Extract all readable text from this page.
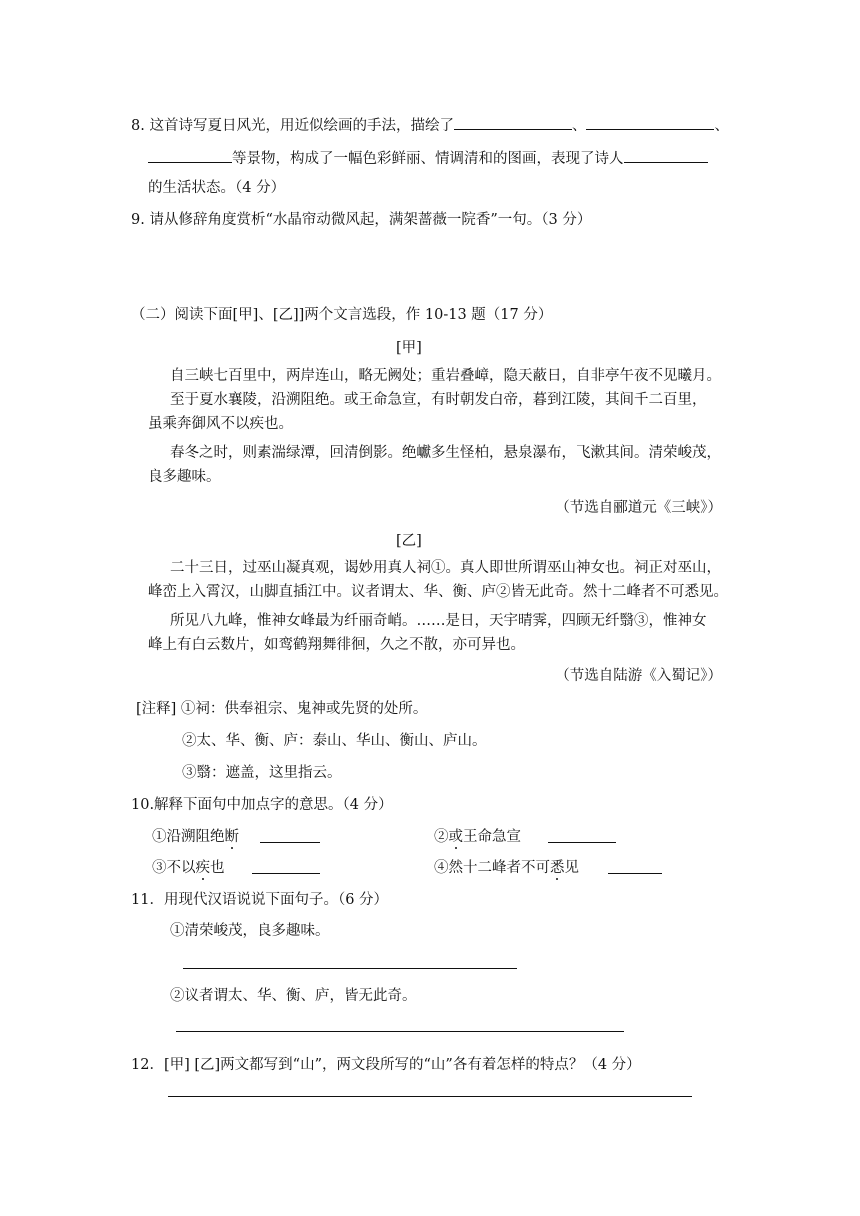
8. 这首诗写夏日风光，用近似绘画的手法，描绘了	、	、
等景物，构成了一幅色彩鲜丽、情调清和的图画，表现了诗人
的生活状态。（4 分）
9. 请从修辞角度赏析“水晶帘动微风起，满架蔷薇一院香”一句。（3 分）
（二）阅读下面[甲]、[乙]]两个文言选段，作 10-13 题（17 分）
[甲]
自三峡七百里中，两岸连山，略无阙处；重岩叠嶂，隐天蔽日，自非亭午夜不见曦月。
至于夏水襄陵，沿溯阻绝。或王命急宣，有时朝发白帝，暮到江陵，其间千二百里，
虽乘奔御风不以疾也。
春冬之时，则素湍绿潭，回清倒影。绝巘多生怪柏，悬泉瀑布，飞漱其间。清荣峻茂，
良多趣味。
（节选自郦道元《三峡》）
[乙]
二十三日，过巫山凝真观，谒妙用真人祠①。真人即世所谓巫山神女也。祠正对巫山，
峰峦上入霄汉，山脚直插江中。议者谓太、华、衡、庐②皆无此奇。然十二峰者不可悉见。
所见八九峰，惟神女峰最为纤丽奇峭。……是日，天宇晴霁，四顾无纤翳③，惟神女
峰上有白云数片，如鸾鹤翔舞徘徊，久之不散，亦可异也。
（节选自陆游《入蜀记》）
[注释] ①祠：供奉祖宗、鬼神或先贤的处所。
②太、华、衡、庐：泰山、华山、衡山、庐山。
③翳：遮盖，这里指云。
10.解释下面句中加点字的意思。（4 分）
①沿溯阻绝断	②或王命急宣
③不以疾也	④然十二峰者不可悉见
11．用现代汉语说说下面句子。（6 分）
①清荣峻茂，良多趣味。
②议者谓太、华、衡、庐，皆无此奇。
12．[甲] [乙]两文都写到“山”，两文段所写的“山”各有着怎样的特点？（4 分）
